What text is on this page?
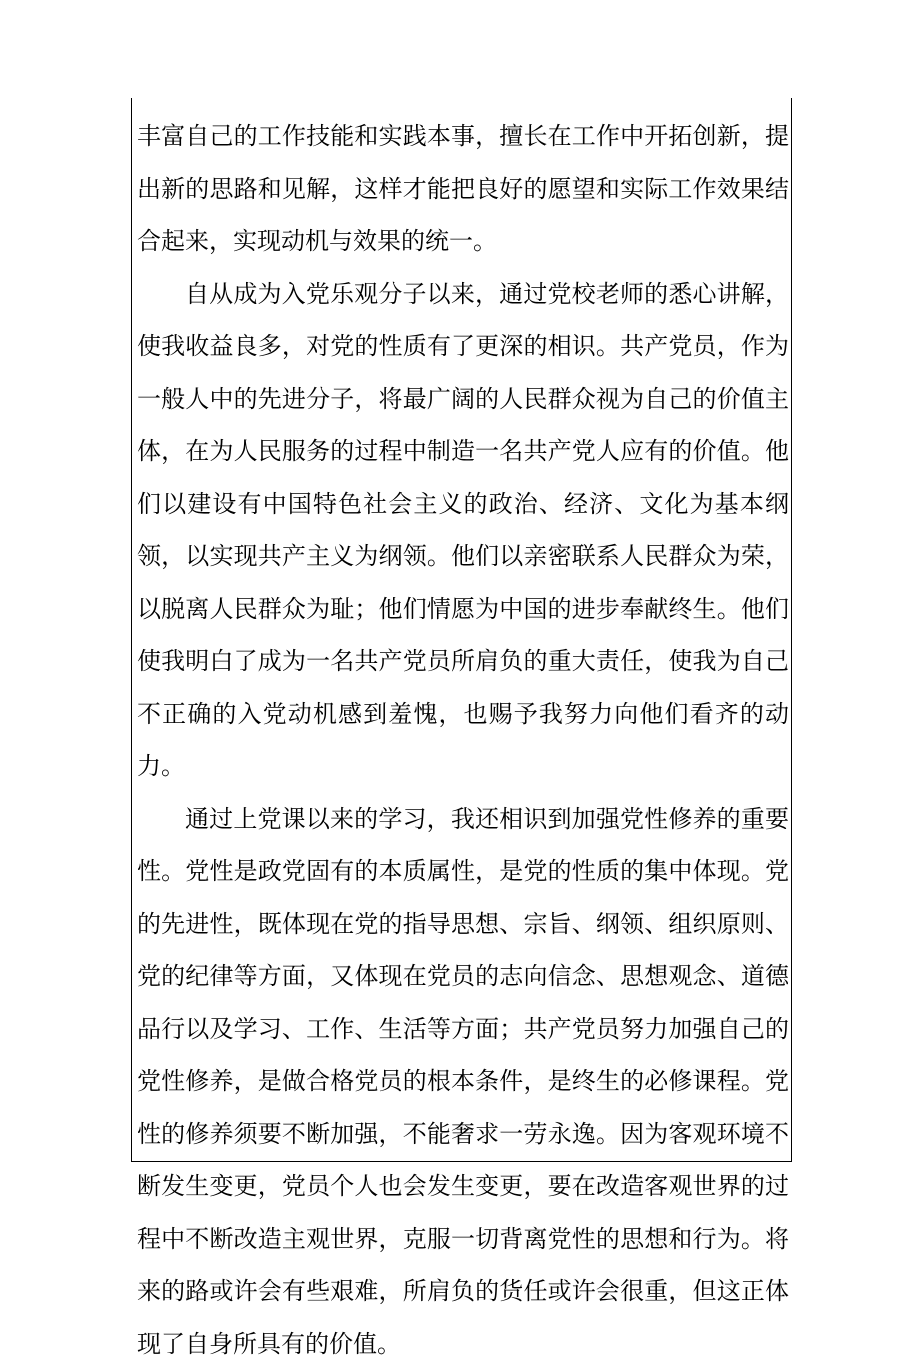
丰富自己的工作技能和实践本事，擅长在工作中开拓创新，提出新的思路和见解，这样才能把良好的愿望和实际工作效果结合起来，实现动机与效果的统一。

自从成为入党乐观分子以来，通过党校老师的悉心讲解，使我收益良多，对党的性质有了更深的相识。共产党员，作为一般人中的先进分子，将最广阔的人民群众视为自己的价值主体，在为人民服务的过程中制造一名共产党人应有的价值。他们以建设有中国特色社会主义的政治、经济、文化为基本纲领，以实现共产主义为纲领。他们以亲密联系人民群众为荣，以脱离人民群众为耻；他们情愿为中国的进步奉献终生。他们使我明白了成为一名共产党员所肩负的重大责任，使我为自己不正确的入党动机感到羞愧，也赐予我努力向他们看齐的动力。

通过上党课以来的学习，我还相识到加强党性修养的重要性。党性是政党固有的本质属性，是党的性质的集中体现。党的先进性，既体现在党的指导思想、宗旨、纲领、组织原则、党的纪律等方面，又体现在党员的志向信念、思想观念、道德品行以及学习、工作、生活等方面；共产党员努力加强自己的党性修养，是做合格党员的根本条件，是终生的必修课程。党性的修养须要不断加强，不能奢求一劳永逸。因为客观环境不断发生变更，党员个人也会发生变更，要在改造客观世界的过程中不断改造主观世界，克服一切背离党性的思想和行为。将来的路或许会有些艰难，所肩负的货任或许会很重，但这正体现了自身所具有的价值。
